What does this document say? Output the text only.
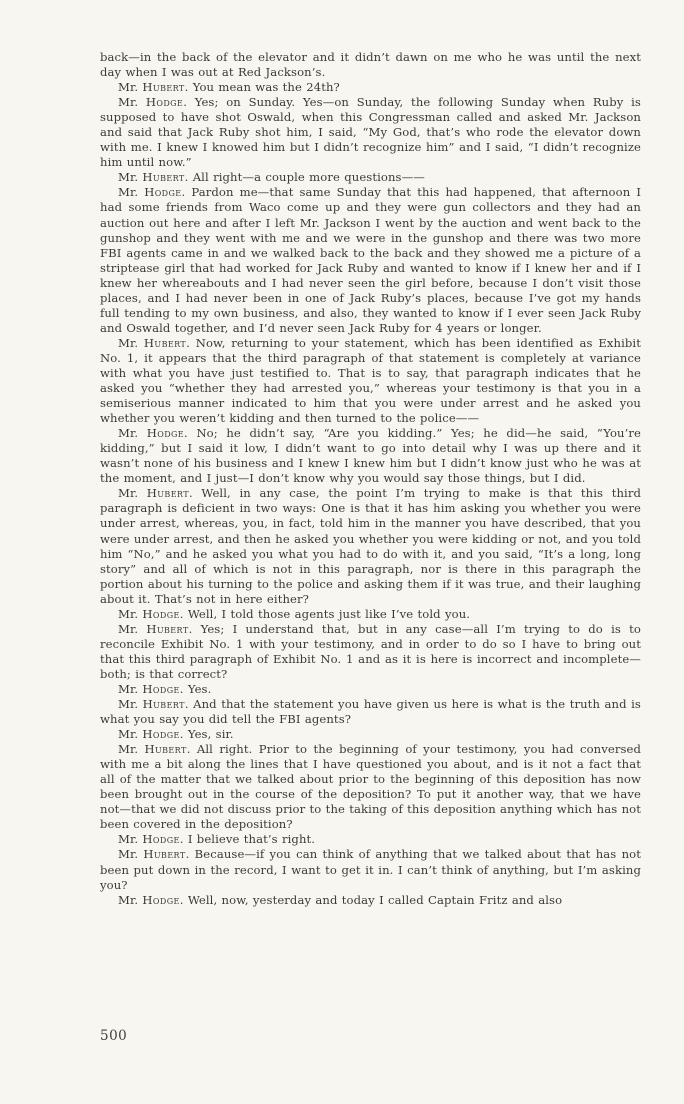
back—in the back of the elevator and it didn’t dawn on me who he was until the next day when I was out at Red Jackson’s.

Mr. Hubert. You mean was the 24th?

Mr. Hodge. Yes; on Sunday. Yes—on Sunday, the following Sunday when Ruby is supposed to have shot Oswald, when this Congressman called and asked Mr. Jackson and said that Jack Ruby shot him, I said, “My God, that’s who rode the elevator down with me. I knew I knowed him but I didn’t recognize him” and I said, “I didn’t recognize him until now.”

Mr. Hubert. All right—a couple more questions——

Mr. Hodge. Pardon me—that same Sunday that this had happened, that afternoon I had some friends from Waco come up and they were gun collectors and they had an auction out here and after I left Mr. Jackson I went by the auction and went back to the gunshop and they went with me and we were in the gunshop and there was two more FBI agents came in and we walked back to the back and they showed me a picture of a striptease girl that had worked for Jack Ruby and wanted to know if I knew her and if I knew her whereabouts and I had never seen the girl before, because I don’t visit those places, and I had never been in one of Jack Ruby’s places, because I’ve got my hands full tending to my own business, and also, they wanted to know if I ever seen Jack Ruby and Oswald together, and I’d never seen Jack Ruby for 4 years or longer.

Mr. Hubert. Now, returning to your statement, which has been identified as Exhibit No. 1, it appears that the third paragraph of that statement is completely at variance with what you have just testified to. That is to say, that paragraph indicates that he asked you “whether they had arrested you,” whereas your testimony is that you in a semiserious manner indicated to him that you were under arrest and he asked you whether you weren’t kidding and then turned to the police——

Mr. Hodge. No; he didn’t say, “Are you kidding.” Yes; he did—he said, “You’re kidding,” but I said it low, I didn’t want to go into detail why I was up there and it wasn’t none of his business and I knew I knew him but I didn’t know just who he was at the moment, and I just—I don’t know why you would say those things, but I did.

Mr. Hubert. Well, in any case, the point I’m trying to make is that this third paragraph is deficient in two ways: One is that it has him asking you whether you were under arrest, whereas, you, in fact, told him in the manner you have described, that you were under arrest, and then he asked you whether you were kidding or not, and you told him “No,” and he asked you what you had to do with it, and you said, “It’s a long, long story” and all of which is not in this paragraph, nor is there in this paragraph the portion about his turning to the police and asking them if it was true, and their laughing about it. That’s not in here either?

Mr. Hodge. Well, I told those agents just like I’ve told you.

Mr. Hubert. Yes; I understand that, but in any case—all I’m trying to do is to reconcile Exhibit No. 1 with your testimony, and in order to do so I have to bring out that this third paragraph of Exhibit No. 1 and as it is here is incorrect and incomplete—both; is that correct?

Mr. Hodge. Yes.

Mr. Hubert. And that the statement you have given us here is what is the truth and is what you say you did tell the FBI agents?

Mr. Hodge. Yes, sir.

Mr. Hubert. All right. Prior to the beginning of your testimony, you had conversed with me a bit along the lines that I have questioned you about, and is it not a fact that all of the matter that we talked about prior to the beginning of this deposition has now been brought out in the course of the deposition? To put it another way, that we have not—that we did not discuss prior to the taking of this deposition anything which has not been covered in the deposition?

Mr. Hodge. I believe that’s right.

Mr. Hubert. Because—if you can think of anything that we talked about that has not been put down in the record, I want to get it in. I can’t think of anything, but I’m asking you?

Mr. Hodge. Well, now, yesterday and today I called Captain Fritz and also

500
